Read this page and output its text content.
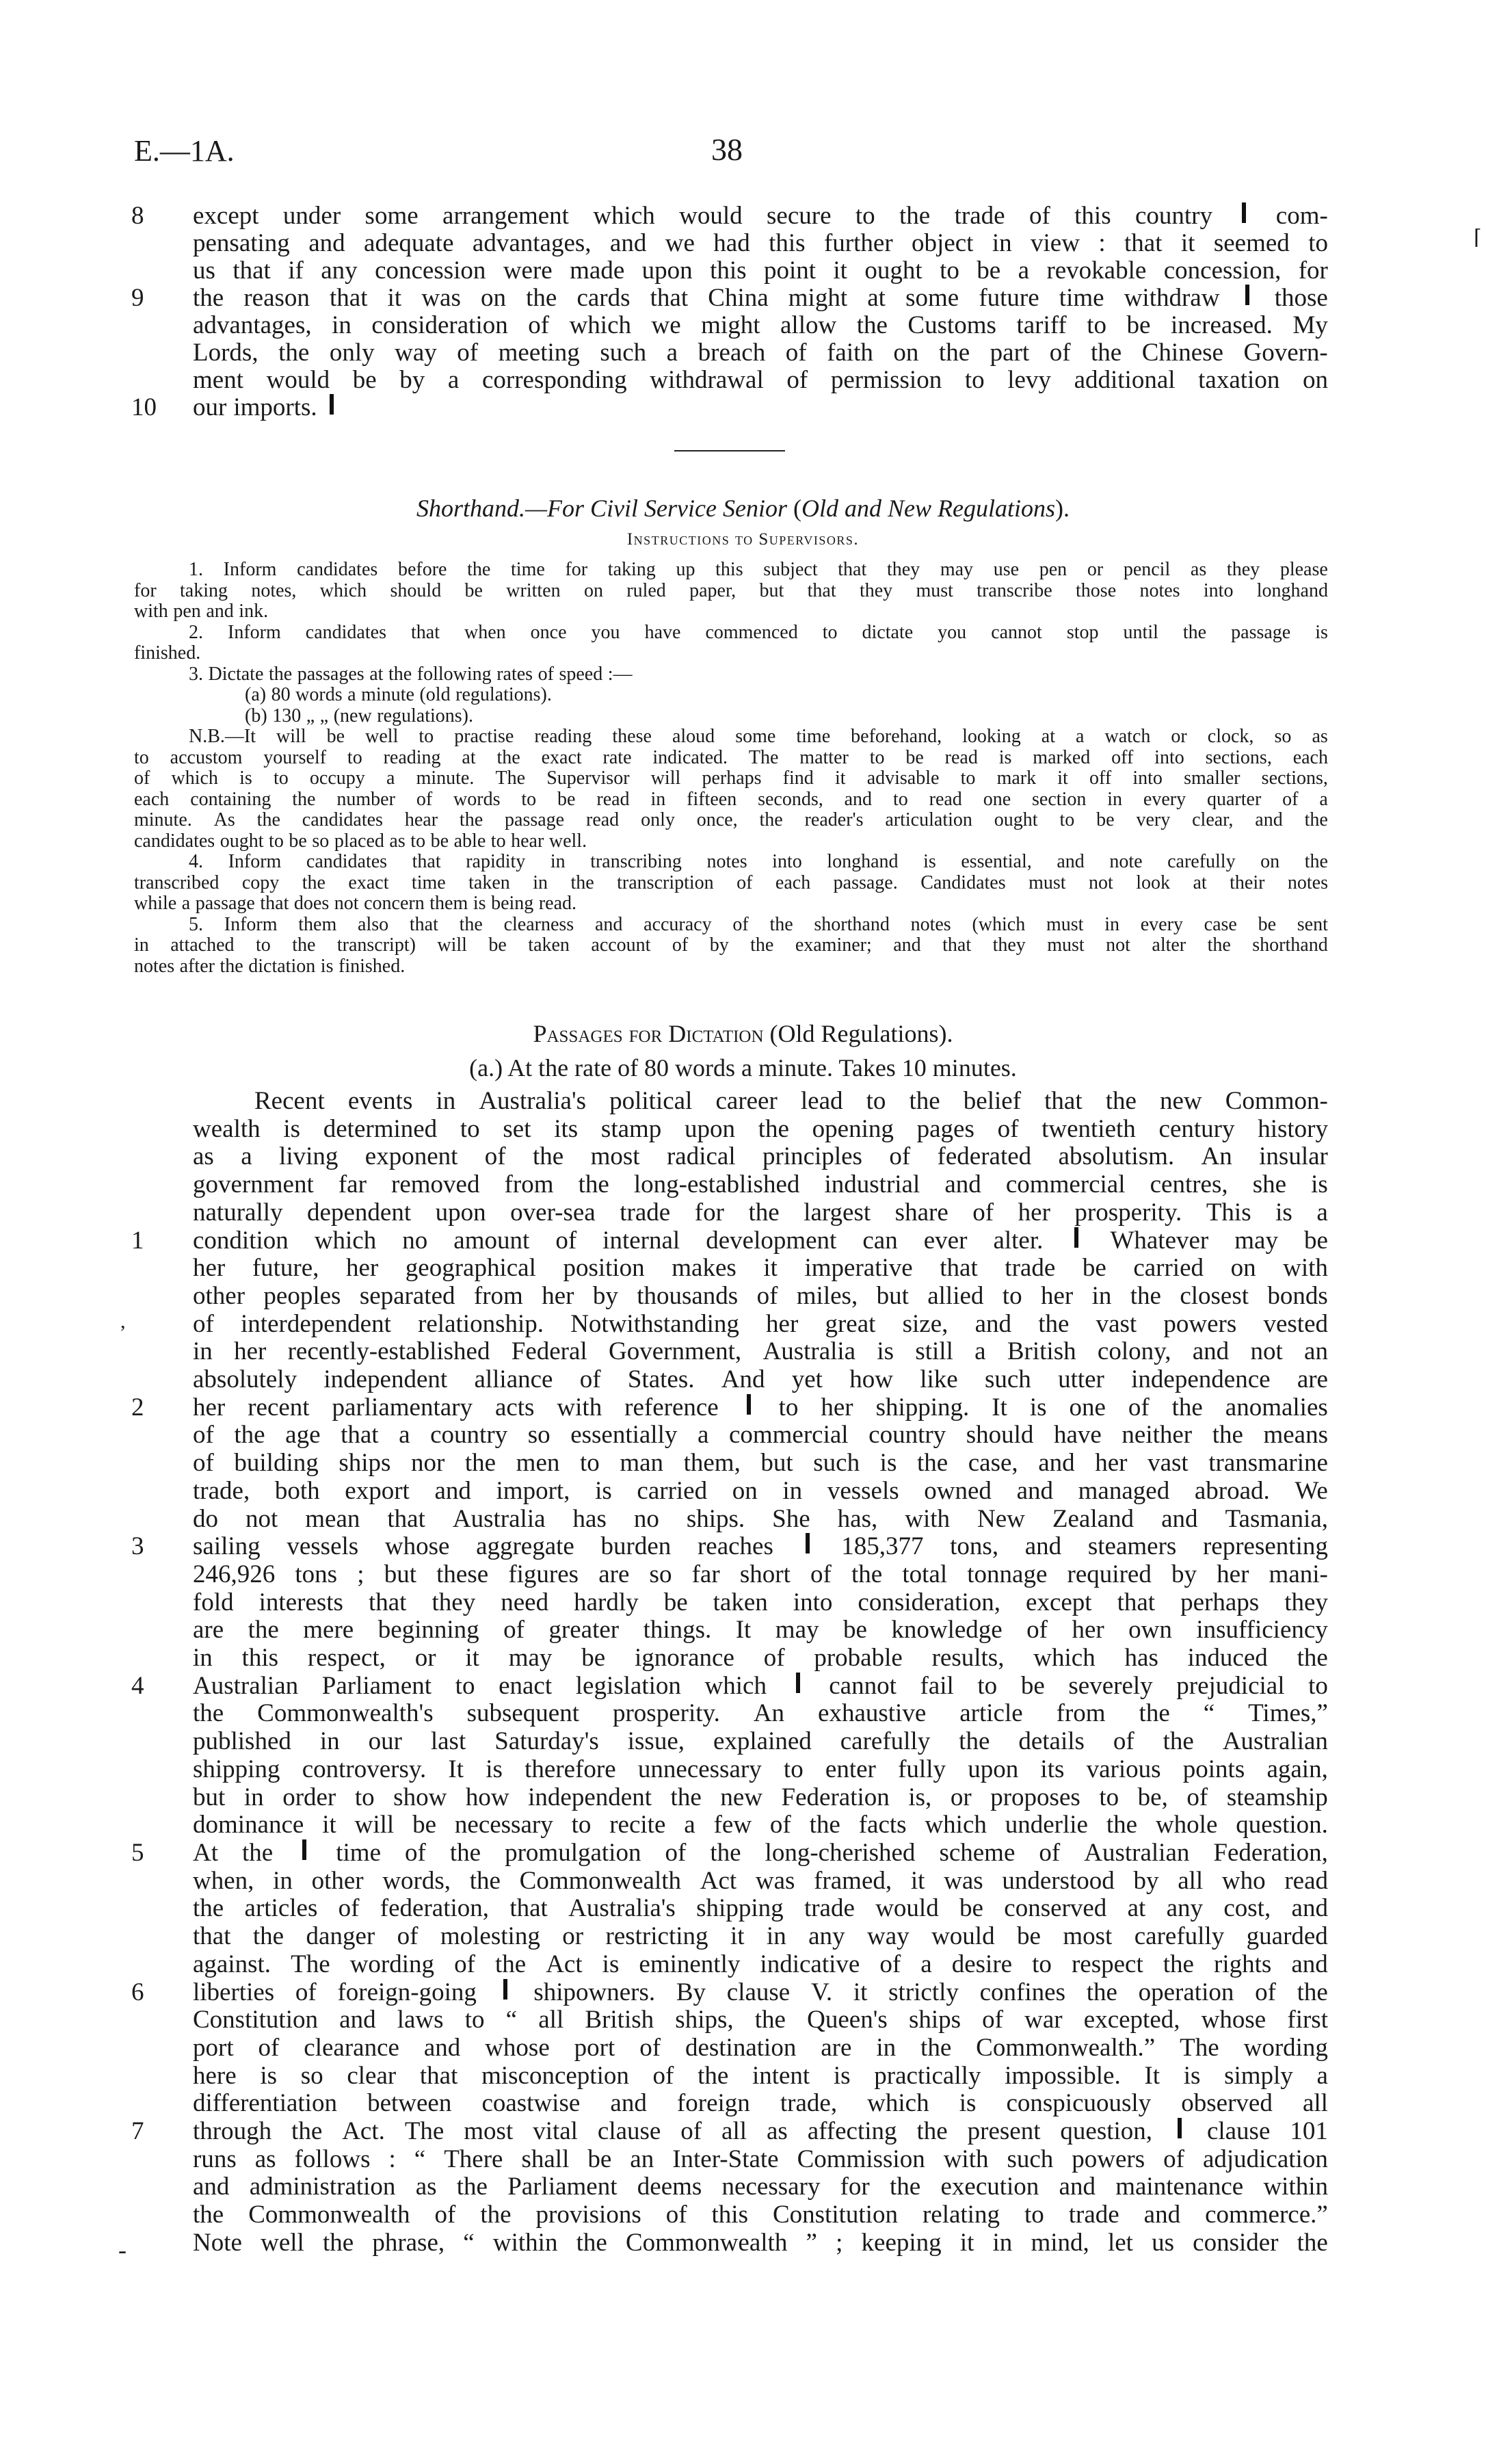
E.—1A.	38
⌈
8	except under some arrangement which would secure to the trade of this country	com-
pensating and adequate advantages, and we had this further object in view : that it seemed to
us that if any concession were made upon this point it ought to be a revokable concession, for
9	the reason that it was on the cards that China might at some future time withdraw those
advantages, in consideration of which we might allow the Customs tariff to be increased. My
Lords, the only way of meeting such a breach of faith on the part of the Chinese Govern-
ment would be by a corresponding withdrawal of permission to levy additional taxation on
10	our imports.
Shorthand.—For Civil Service Senior (Old and New Regulations).
Instructions to Supervisors.
1. Inform candidates before the time for taking up this subject that they may use pen or pencil as they please
for taking notes, which should be written on ruled paper, but that they must transcribe those notes into longhand
with pen and ink.
2. Inform candidates that when once you have commenced to dictate you cannot stop until the passage is
finished.
3. Dictate the passages at the following rates of speed :—
(a) 80 words a minute (old regulations).
(b) 130 „ „ (new regulations).
N.B.—It will be well to practise reading these aloud some time beforehand, looking at a watch or clock, so as
to accustom yourself to reading at the exact rate indicated. The matter to be read is marked off into sections, each
of which is to occupy a minute. The Supervisor will perhaps find it advisable to mark it off into smaller sections,
each containing the number of words to be read in fifteen seconds, and to read one section in every quarter of a
minute. As the candidates hear the passage read only once, the reader's articulation ought to be very clear, and the
candidates ought to be so placed as to be able to hear well.
4. Inform candidates that rapidity in transcribing notes into longhand is essential, and note carefully on the
transcribed copy the exact time taken in the transcription of each passage. Candidates must not look at their notes
while a passage that does not concern them is being read.
5. Inform them also that the clearness and accuracy of the shorthand notes (which must in every case be sent
in attached to the transcript) will be taken account of by the examiner; and that they must not alter the shorthand
notes after the dictation is finished.
Passages for Dictation (Old Regulations).
(a.) At the rate of 80 words a minute. Takes 10 minutes.
Recent events in Australia's political career lead to the belief that the new Common-
wealth is determined to set its stamp upon the opening pages of twentieth century history
as a living exponent of the most radical principles of federated absolutism. An insular
government far removed from the long-established industrial and commercial centres, she is
naturally dependent upon over-sea trade for the largest share of her prosperity. This is a
1	condition which no amount of internal development can ever alter.	Whatever may be
her future, her geographical position makes it imperative that trade be carried on with
other peoples separated from her by thousands of miles, but allied to her in the closest bonds
of interdependent relationship. Notwithstanding her great size, and the vast powers vested
in her recently-established Federal Government, Australia is still a British colony, and not an
absolutely independent alliance of States. And yet how like such utter independence are
2	her recent parliamentary acts with reference to her shipping. It is one of the anomalies
of the age that a country so essentially a commercial country should have neither the means
of building ships nor the men to man them, but such is the case, and her vast transmarine
trade, both export and import, is carried on in vessels owned and managed abroad. We
do not mean that Australia has no ships. She has, with New Zealand and Tasmania,
3	sailing vessels whose aggregate burden reaches	185,377 tons, and steamers representing
246,926 tons ; but these figures are so far short of the total tonnage required by her mani-
fold interests that they need hardly be taken into consideration, except that perhaps they
are the mere beginning of greater things. It may be knowledge of her own insufficiency
in this respect, or it may be ignorance of probable results, which has induced the
4	Australian Parliament to enact legislation which cannot fail to be severely prejudicial to
the Commonwealth's subsequent prosperity. An exhaustive article from the “ Times,”
published in our last Saturday's issue, explained carefully the details of the Australian
shipping controversy. It is therefore unnecessary to enter fully upon its various points again,
but in order to show how independent the new Federation is, or proposes to be, of steamship
dominance it will be necessary to recite a few of the facts which underlie the whole question.
5	At the time of the promulgation of the long-cherished scheme of Australian Federation,
when, in other words, the Commonwealth Act was framed, it was understood by all who read
the articles of federation, that Australia's shipping trade would be conserved at any cost, and
that the danger of molesting or restricting it in any way would be most carefully guarded
against. The wording of the Act is eminently indicative of a desire to respect the rights and
6	liberties of foreign-going shipowners. By clause V. it strictly confines the operation of the
Constitution and laws to “ all British ships, the Queen's ships of war excepted, whose first
port of clearance and whose port of destination are in the Commonwealth.” The wording
here is so clear that misconception of the intent is practically impossible. It is simply a
differentiation between coastwise and foreign trade, which is conspicuously observed all
7	through the Act. The most vital clause of all as affecting the present question, clause 101
runs as follows : “ There shall be an Inter-State Commission with such powers of adjudication
and administration as the Parliament deems necessary for the execution and maintenance within
the Commonwealth of the provisions of this Constitution relating to trade and commerce.”
Note well the phrase, “ within the Commonwealth ” ; keeping it in mind, let us consider the
,
-
